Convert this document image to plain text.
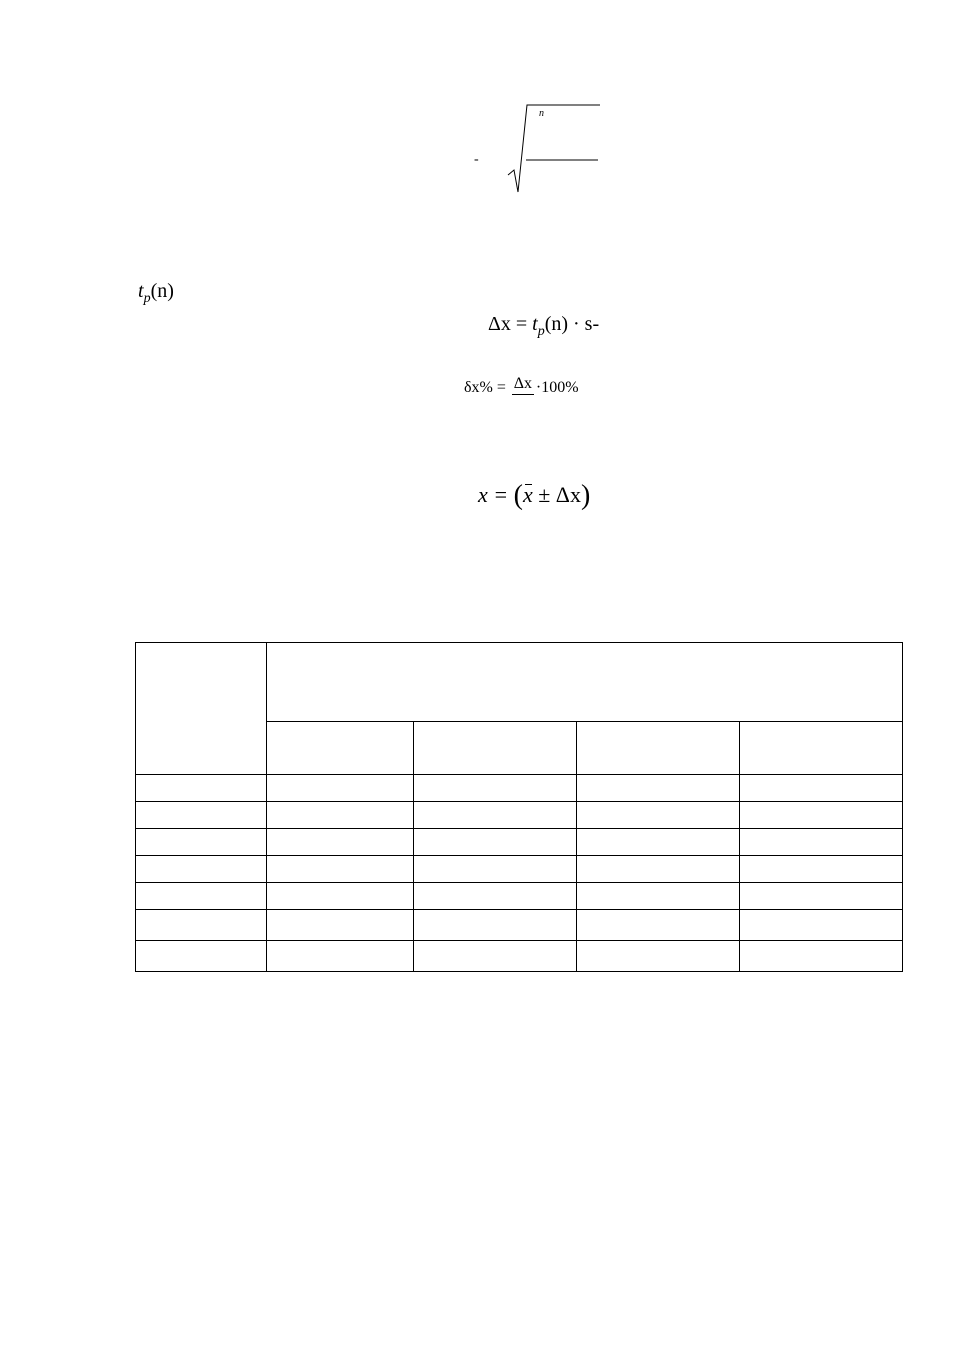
n
-
$t_p(n)$
$\Delta x = t_p(n) \cdot s-$
δx% = Δx ·100%
x = (x ± Δx)
